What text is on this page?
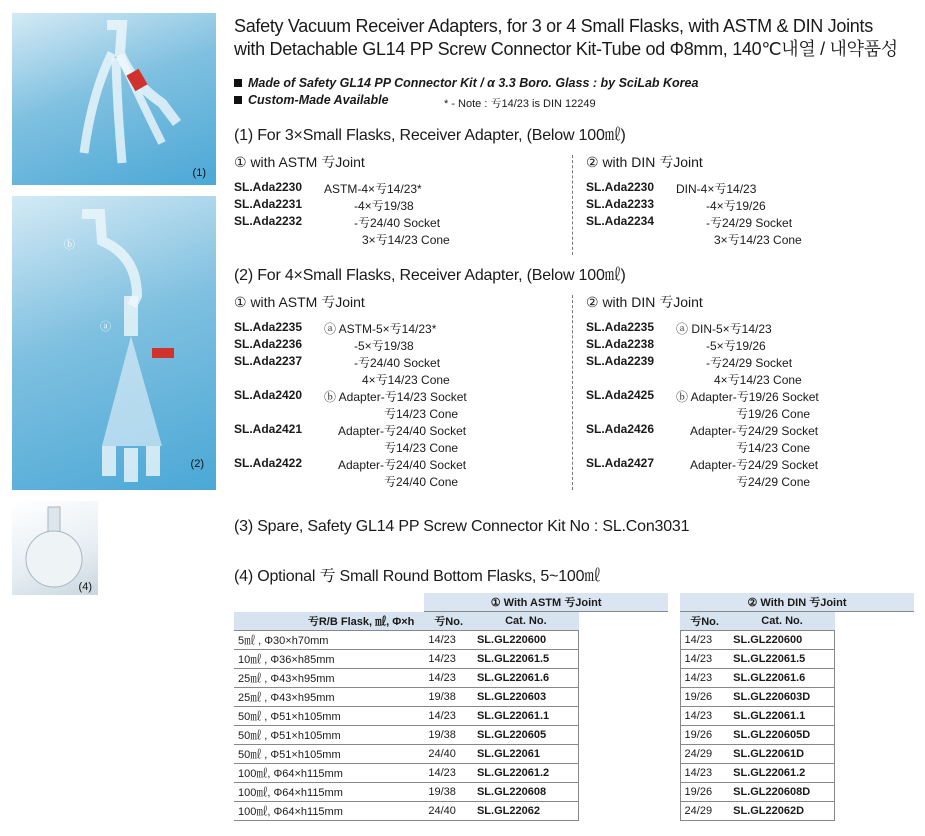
(1)
ⓑ
ⓐ
(2)
(4)
Safety Vacuum Receiver Adapters, for 3 or 4 Small Flasks, with ASTM & DIN Joints
with Detachable GL14 PP Screw Connector Kit-Tube od Φ8mm, 140℃내열 / 내약품성
Made of Safety GL14 PP Connector Kit / α 3.3 Boro. Glass : by SciLab Korea
Custom-Made Available	* - Note : 亐14/23 is DIN 12249
(1) For 3×Small Flasks, Receiver Adapter, (Below 100㎖)
① with ASTM 亐Joint	② with DIN 亐Joint
SL.Ada2230 ASTM-4×亐14/23*
SL.Ada2231	-4×亐19/38
SL.Ada2232	-亐24/40 Socket
3×亐14/23 Cone
SL.Ada2230 DIN-4×亐14/23
SL.Ada2233	-4×亐19/26
SL.Ada2234	-亐24/29 Socket
3×亐14/23 Cone
(2) For 4×Small Flasks, Receiver Adapter, (Below 100㎖)
① with ASTM 亐Joint	② with DIN 亐Joint
SL.Ada2235 ⓐ ASTM-5×亐14/23*
SL.Ada2236	-5×亐19/38
SL.Ada2237	-亐24/40 Socket
4×亐14/23 Cone
SL.Ada2420 ⓑ Adapter-亐14/23 Socket
亐14/23 Cone
SL.Ada2421	Adapter-亐24/40 Socket
亐14/23 Cone
SL.Ada2422	Adapter-亐24/40 Socket
亐24/40 Cone
SL.Ada2235 ⓐ DIN-5×亐14/23
SL.Ada2238	-5×亐19/26
SL.Ada2239	-亐24/29 Socket
4×亐14/23 Cone
SL.Ada2425 ⓑ Adapter-亐19/26 Socket
亐19/26 Cone
SL.Ada2426	Adapter-亐24/29 Socket
亐14/23 Cone
SL.Ada2427	Adapter-亐24/29 Socket
亐24/29 Cone
(3) Spare, Safety GL14 PP Screw Connector Kit No : SL.Con3031
(4) Optional 亐 Small Round Bottom Flasks, 5~100㎖
	① With ASTM 亐Joint				② With DIN 亐Joint		
亐R/B Flask, ㎖, Φ×h	亐No.	Cat. No.			亐No.	Cat. No.	
5㎖ , Φ30×h70mm	14/23	SL.GL220600			14/23	SL.GL220600	
10㎖ , Φ36×h85mm	14/23	SL.GL22061.5			14/23	SL.GL22061.5	
25㎖ , Φ43×h95mm	14/23	SL.GL22061.6			14/23	SL.GL22061.6	
25㎖ , Φ43×h95mm	19/38	SL.GL220603			19/26	SL.GL220603D	
50㎖ , Φ51×h105mm	14/23	SL.GL22061.1			14/23	SL.GL22061.1	
50㎖ , Φ51×h105mm	19/38	SL.GL220605			19/26	SL.GL220605D	
50㎖ , Φ51×h105mm	24/40	SL.GL22061			24/29	SL.GL22061D	
100㎖, Φ64×h115mm	14/23	SL.GL22061.2			14/23	SL.GL22061.2	
100㎖, Φ64×h115mm	19/38	SL.GL220608			19/26	SL.GL220608D	
100㎖, Φ64×h115mm	24/40	SL.GL22062			24/29	SL.GL22062D	
